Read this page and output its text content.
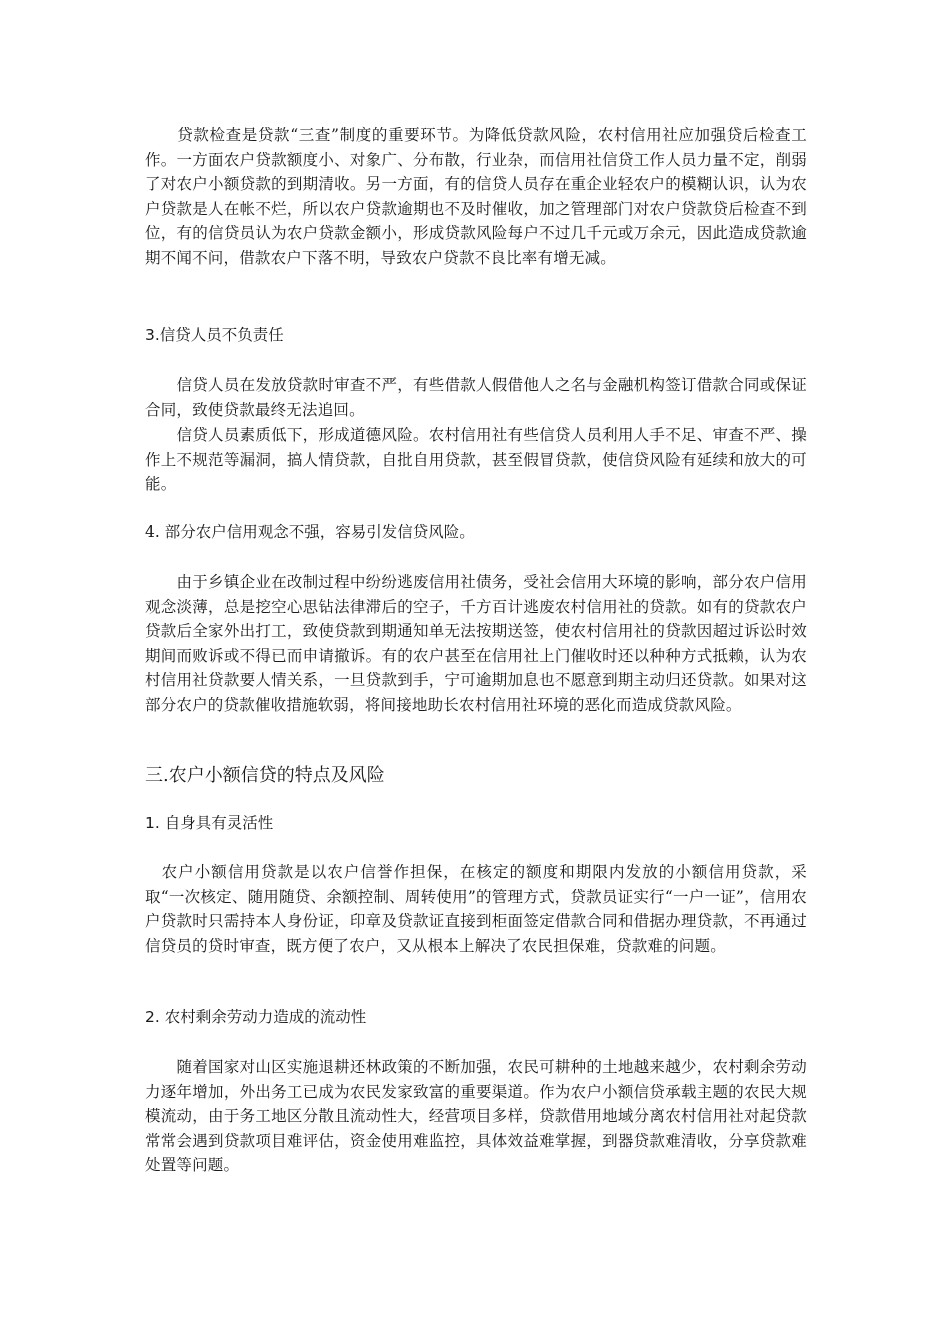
　　贷款检查是贷款“三查”制度的重要环节。为降低贷款风险，农村信用社应加强贷后检查工作。一方面农户贷款额度小、对象广、分布散，行业杂，而信用社信贷工作人员力量不定，削弱了对农户小额贷款的到期清收。另一方面，有的信贷人员存在重企业轻农户的模糊认识，认为农户贷款是人在帐不烂，所以农户贷款逾期也不及时催收，加之管理部门对农户贷款贷后检查不到位，有的信贷员认为农户贷款金额小，形成贷款风险每户不过几千元或万余元，因此造成贷款逾期不闻不问，借款农户下落不明，导致农户贷款不良比率有增无减。

3.信贷人员不负责任

　　信贷人员在发放贷款时审查不严，有些借款人假借他人之名与金融机构签订借款合同或保证合同，致使贷款最终无法追回。

　　信贷人员素质低下，形成道德风险。农村信用社有些信贷人员利用人手不足、审查不严、操作上不规范等漏洞，搞人情贷款，自批自用贷款，甚至假冒贷款，使信贷风险有延续和放大的可能。

4. 部分农户信用观念不强，容易引发信贷风险。

　　由于乡镇企业在改制过程中纷纷逃废信用社债务，受社会信用大环境的影响，部分农户信用观念淡薄，总是挖空心思钻法律滞后的空子，千方百计逃废农村信用社的贷款。如有的贷款农户贷款后全家外出打工，致使贷款到期通知单无法按期送签，使农村信用社的贷款因超过诉讼时效期间而败诉或不得已而申请撤诉。有的农户甚至在信用社上门催收时还以种种方式抵赖，认为农村信用社贷款要人情关系，一旦贷款到手，宁可逾期加息也不愿意到期主动归还贷款。如果对这部分农户的贷款催收措施软弱，将间接地助长农村信用社环境的恶化而造成贷款风险。

三.农户小额信贷的特点及风险

1. 自身具有灵活性

　农户小额信用贷款是以农户信誉作担保，在核定的额度和期限内发放的小额信用贷款，采取“一次核定、随用随贷、余额控制、周转使用”的管理方式，贷款员证实行“一户一证”，信用农户贷款时只需持本人身份证，印章及贷款证直接到柜面签定借款合同和借据办理贷款，不再通过信贷员的贷时审查，既方便了农户，又从根本上解决了农民担保难，贷款难的问题。

2. 农村剩余劳动力造成的流动性

　　随着国家对山区实施退耕还林政策的不断加强，农民可耕种的土地越来越少，农村剩余劳动力逐年增加，外出务工已成为农民发家致富的重要渠道。作为农户小额信贷承载主题的农民大规模流动，由于务工地区分散且流动性大，经营项目多样，贷款借用地域分离农村信用社对起贷款常常会遇到贷款项目难评估，资金使用难监控，具体效益难掌握，到器贷款难清收，分享贷款难处置等问题。
